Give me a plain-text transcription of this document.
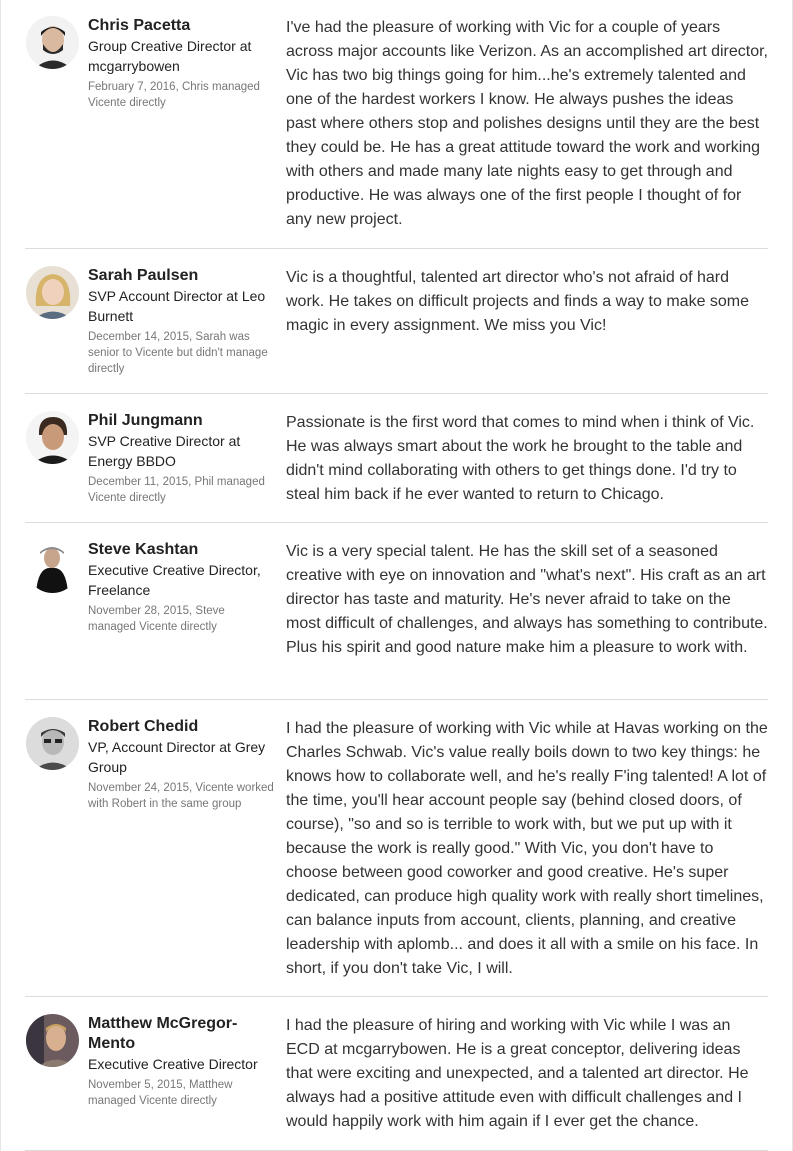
Chris Pacetta
Group Creative Director at mcgarrybowen
February 7, 2016, Chris managed Vicente directly
I've had the pleasure of working with Vic for a couple of years across major accounts like Verizon. As an accomplished art director, Vic has two big things going for him...he's extremely talented and one of the hardest workers I know. He always pushes the ideas past where others stop and polishes designs until they are the best they could be. He has a great attitude toward the work and working with others and made many late nights easy to get through and productive. He was always one of the first people I thought of for any new project.
Sarah Paulsen
SVP Account Director at Leo Burnett
December 14, 2015, Sarah was senior to Vicente but didn't manage directly
Vic is a thoughtful, talented art director who's not afraid of hard work. He takes on difficult projects and finds a way to make some magic in every assignment. We miss you Vic!
Phil Jungmann
SVP Creative Director at Energy BBDO
December 11, 2015, Phil managed Vicente directly
Passionate is the first word that comes to mind when i think of Vic. He was always smart about the work he brought to the table and didn't mind collaborating with others to get things done. I'd try to steal him back if he ever wanted to return to Chicago.
Steve Kashtan
Executive Creative Director, Freelance
November 28, 2015, Steve managed Vicente directly
Vic is a very special talent. He has the skill set of a seasoned creative with eye on innovation and "what's next". His craft as an art director has taste and maturity. He's never afraid to take on the most difficult of challenges, and always has something to contribute. Plus his spirit and good nature make him a pleasure to work with.
Robert Chedid
VP, Account Director at Grey Group
November 24, 2015, Vicente worked with Robert in the same group
I had the pleasure of working with Vic while at Havas working on the Charles Schwab. Vic's value really boils down to two key things: he knows how to collaborate well, and he's really F'ing talented! A lot of the time, you'll hear account people say (behind closed doors, of course), "so and so is terrible to work with, but we put up with it because the work is really good." With Vic, you don't have to choose between good coworker and good creative. He's super dedicated, can produce high quality work with really short timelines, can balance inputs from account, clients, planning, and creative leadership with aplomb... and does it all with a smile on his face. In short, if you don't take Vic, I will.
Matthew McGregor-Mento
Executive Creative Director
November 5, 2015, Matthew managed Vicente directly
I had the pleasure of hiring and working with Vic while I was an ECD at mcgarrybowen. He is a great conceptor, delivering ideas that were exciting and unexpected, and a talented art director. He always had a positive attitude even with difficult challenges and I would happily work with him again if I ever get the chance.
